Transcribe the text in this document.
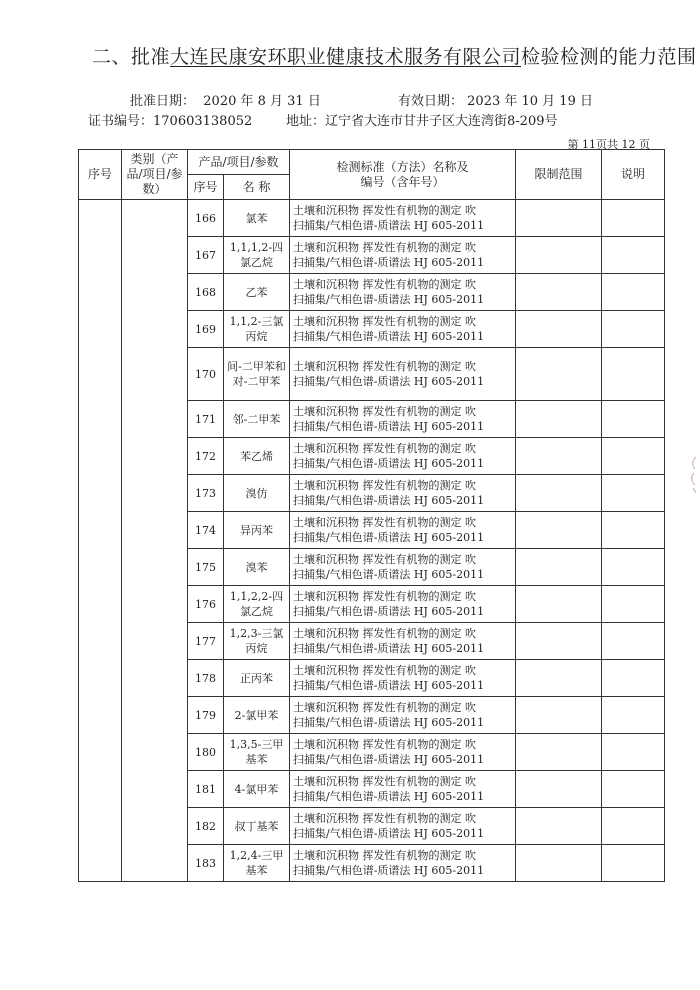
二、批准大连民康安环职业健康技术服务有限公司检验检测的能力范围
批准日期： 2020 年 8 月 31 日	有效日期： 2023 年 10 月 19 日
证书编号：170603138052	地址：辽宁省大连市甘井子区大连湾街8-209号
第 11页共 12 页
序号	类别（产品/项目/参数）	产品/项目/参数		检测标准（方法）名称及
编号（含年号）	限制范围	说明
		序号	名 称			
		166	氯苯	土壤和沉积物 挥发性有机物的测定 吹
扫捕集/气相色谱-质谱法 HJ 605-2011		

		167	1,1,1,2-四氯乙烷	土壤和沉积物 挥发性有机物的测定 吹
扫捕集/气相色谱-质谱法 HJ 605-2011		

		168	乙苯	土壤和沉积物 挥发性有机物的测定 吹
扫捕集/气相色谱-质谱法 HJ 605-2011		

		169	1,1,2-三氯丙烷	土壤和沉积物 挥发性有机物的测定 吹
扫捕集/气相色谱-质谱法 HJ 605-2011		

		170	间-二甲苯和对-二甲苯	土壤和沉积物 挥发性有机物的测定 吹
扫捕集/气相色谱-质谱法 HJ 605-2011		

		171	邻-二甲苯	土壤和沉积物 挥发性有机物的测定 吹
扫捕集/气相色谱-质谱法 HJ 605-2011		

		172	苯乙烯	土壤和沉积物 挥发性有机物的测定 吹
扫捕集/气相色谱-质谱法 HJ 605-2011		

		173	溴仿	土壤和沉积物 挥发性有机物的测定 吹
扫捕集/气相色谱-质谱法 HJ 605-2011		

		174	异丙苯	土壤和沉积物 挥发性有机物的测定 吹
扫捕集/气相色谱-质谱法 HJ 605-2011		

		175	溴苯	土壤和沉积物 挥发性有机物的测定 吹
扫捕集/气相色谱-质谱法 HJ 605-2011		

		176	1,1,2,2-四氯乙烷	土壤和沉积物 挥发性有机物的测定 吹
扫捕集/气相色谱-质谱法 HJ 605-2011		

		177	1,2,3-三氯丙烷	土壤和沉积物 挥发性有机物的测定 吹
扫捕集/气相色谱-质谱法 HJ 605-2011		

		178	正丙苯	土壤和沉积物 挥发性有机物的测定 吹
扫捕集/气相色谱-质谱法 HJ 605-2011		

		179	2-氯甲苯	土壤和沉积物 挥发性有机物的测定 吹
扫捕集/气相色谱-质谱法 HJ 605-2011		

		180	1,3,5-三甲基苯	土壤和沉积物 挥发性有机物的测定 吹
扫捕集/气相色谱-质谱法 HJ 605-2011		

		181	4-氯甲苯	土壤和沉积物 挥发性有机物的测定 吹
扫捕集/气相色谱-质谱法 HJ 605-2011		

		182	叔丁基苯	土壤和沉积物 挥发性有机物的测定 吹
扫捕集/气相色谱-质谱法 HJ 605-2011		

		183	1,2,4-三甲基苯	土壤和沉积物 挥发性有机物的测定 吹
扫捕集/气相色谱-质谱法 HJ 605-2011		
